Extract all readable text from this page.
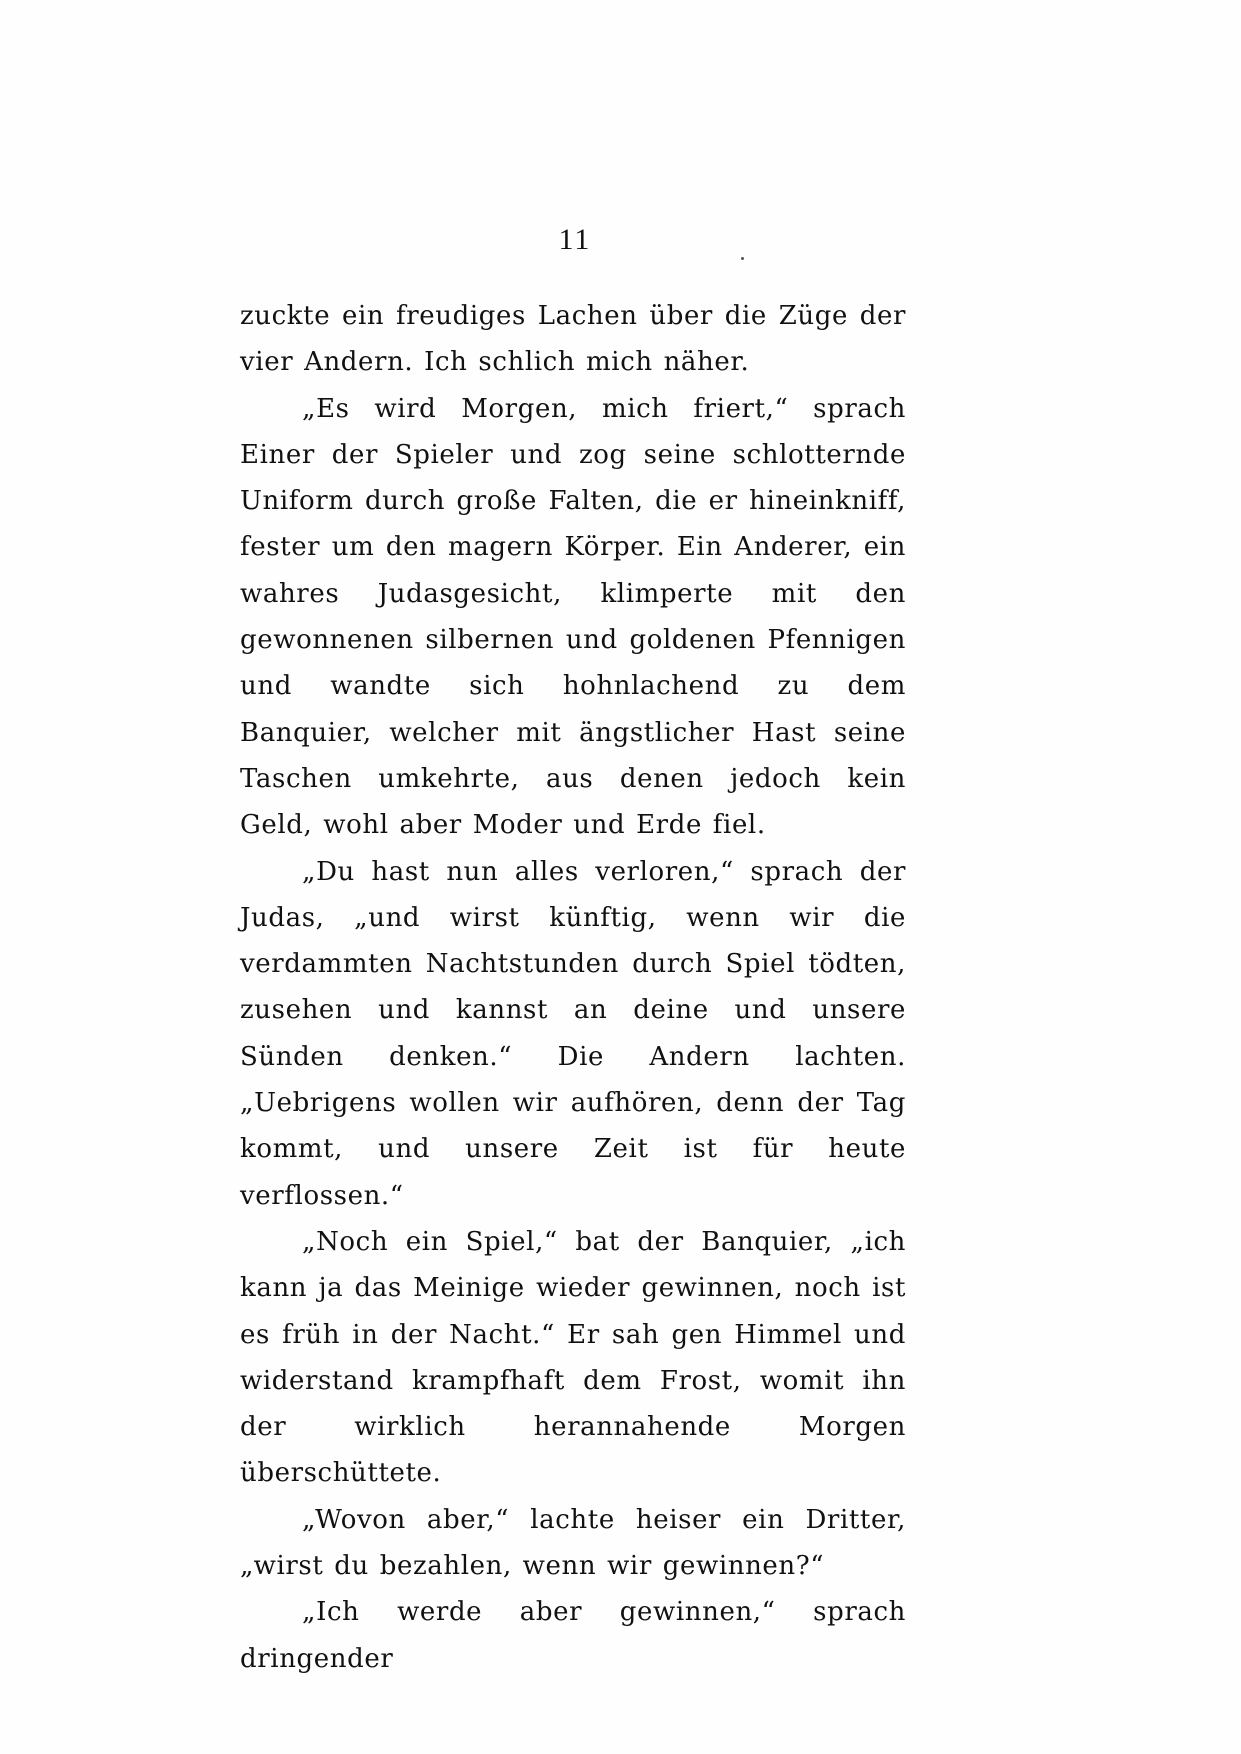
11

zuckte ein freudiges Lachen über die Züge der vier Andern. Ich schlich mich näher.

„Es wird Morgen, mich friert,“ sprach Einer der Spieler und zog seine schlotternde Uniform durch große Falten, die er hineinkniff, fester um den magern Körper. Ein Anderer, ein wahres Judasgesicht, klimperte mit den gewonnenen silbernen und goldenen Pfennigen und wandte sich hohnlachend zu dem Banquier, welcher mit ängstlicher Hast seine Taschen umkehrte, aus denen jedoch kein Geld, wohl aber Moder und Erde fiel.

„Du hast nun alles verloren,“ sprach der Judas, „und wirst künftig, wenn wir die verdammten Nachtstunden durch Spiel tödten, zusehen und kannst an deine und unsere Sünden denken.“ Die Andern lachten. „Uebrigens wollen wir aufhören, denn der Tag kommt, und unsere Zeit ist für heute verflossen.“

„Noch ein Spiel,“ bat der Banquier, „ich kann ja das Meinige wieder gewinnen, noch ist es früh in der Nacht.“ Er sah gen Himmel und widerstand krampfhaft dem Frost, womit ihn der wirklich herannahende Morgen überschüttete.

„Wovon aber,“ lachte heiser ein Dritter, „wirst du bezahlen, wenn wir gewinnen?“

„Ich werde aber gewinnen,“ sprach dringender
